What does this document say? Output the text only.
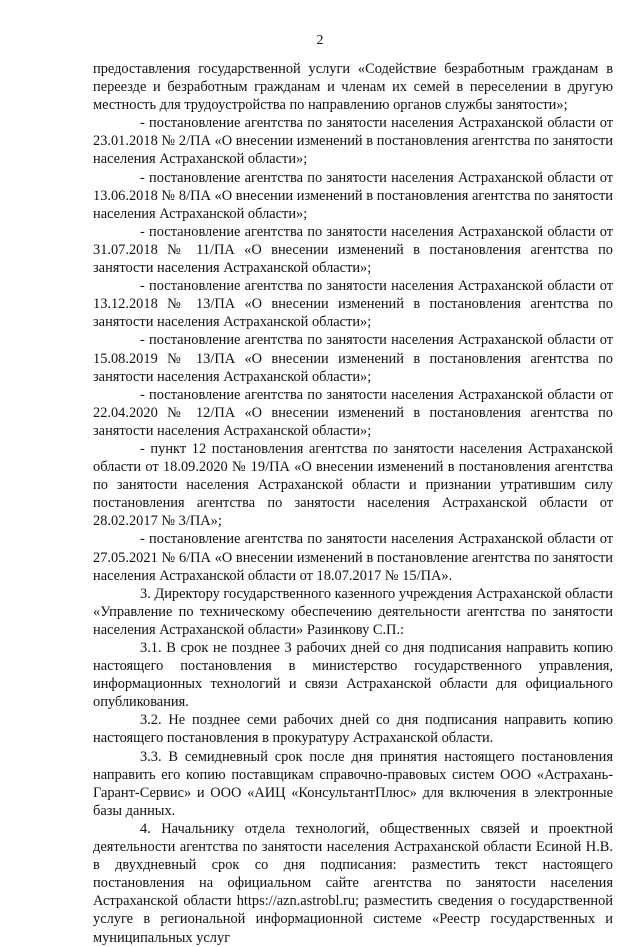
2

предоставления государственной услуги «Содействие безработным гражданам в переезде и безработным гражданам и членам их семей в переселении в другую местность для трудоустройства по направлению органов службы занятости»;

- постановление агентства по занятости населения Астраханской области от 23.01.2018 № 2/ПА «О внесении изменений в постановления агентства по занятости населения Астраханской области»;

- постановление агентства по занятости населения Астраханской области от 13.06.2018 № 8/ПА «О внесении изменений в постановления агентства по занятости населения Астраханской области»;

- постановление агентства по занятости населения Астраханской области от 31.07.2018 № 11/ПА «О внесении изменений в постановления агентства по занятости населения Астраханской области»;

- постановление агентства по занятости населения Астраханской области от 13.12.2018 № 13/ПА «О внесении изменений в постановления агентства по занятости населения Астраханской области»;

- постановление агентства по занятости населения Астраханской области от 15.08.2019 № 13/ПА «О внесении изменений в постановления агентства по занятости населения Астраханской области»;

- постановление агентства по занятости населения Астраханской области от 22.04.2020 № 12/ПА «О внесении изменений в постановления агентства по занятости населения Астраханской области»;

- пункт 12 постановления агентства по занятости населения Астраханской области от 18.09.2020 № 19/ПА «О внесении изменений в постановления агентства по занятости населения Астраханской области и признании утратившим силу постановления агентства по занятости населения Астраханской области от 28.02.2017 № 3/ПА»;

- постановление агентства по занятости населения Астраханской области от 27.05.2021 № 6/ПА «О внесении изменений в постановление агентства по занятости населения Астраханской области от 18.07.2017 № 15/ПА».

3. Директору государственного казенного учреждения Астраханской области «Управление по техническому обеспечению деятельности агентства по занятости населения Астраханской области» Разинкову С.П.:

3.1. В срок не позднее 3 рабочих дней со дня подписания направить копию настоящего постановления в министерство государственного управления, информационных технологий и связи Астраханской области для официального опубликования.

3.2. Не позднее семи рабочих дней со дня подписания направить копию настоящего постановления в прокуратуру Астраханской области.

3.3. В семидневный срок после дня принятия настоящего постановления направить его копию поставщикам справочно-правовых систем ООО «Астрахань-Гарант-Сервис» и ООО «АИЦ «КонсультантПлюс» для включения в электронные базы данных.

4. Начальнику отдела технологий, общественных связей и проектной деятельности агентства по занятости населения Астраханской области Есиной Н.В. в двухдневный срок со дня подписания: разместить текст настоящего постановления на официальном сайте агентства по занятости населения Астраханской области https://azn.astrobl.ru; разместить сведения о государственной услуге в региональной информационной системе «Реестр государственных и муниципальных услуг
